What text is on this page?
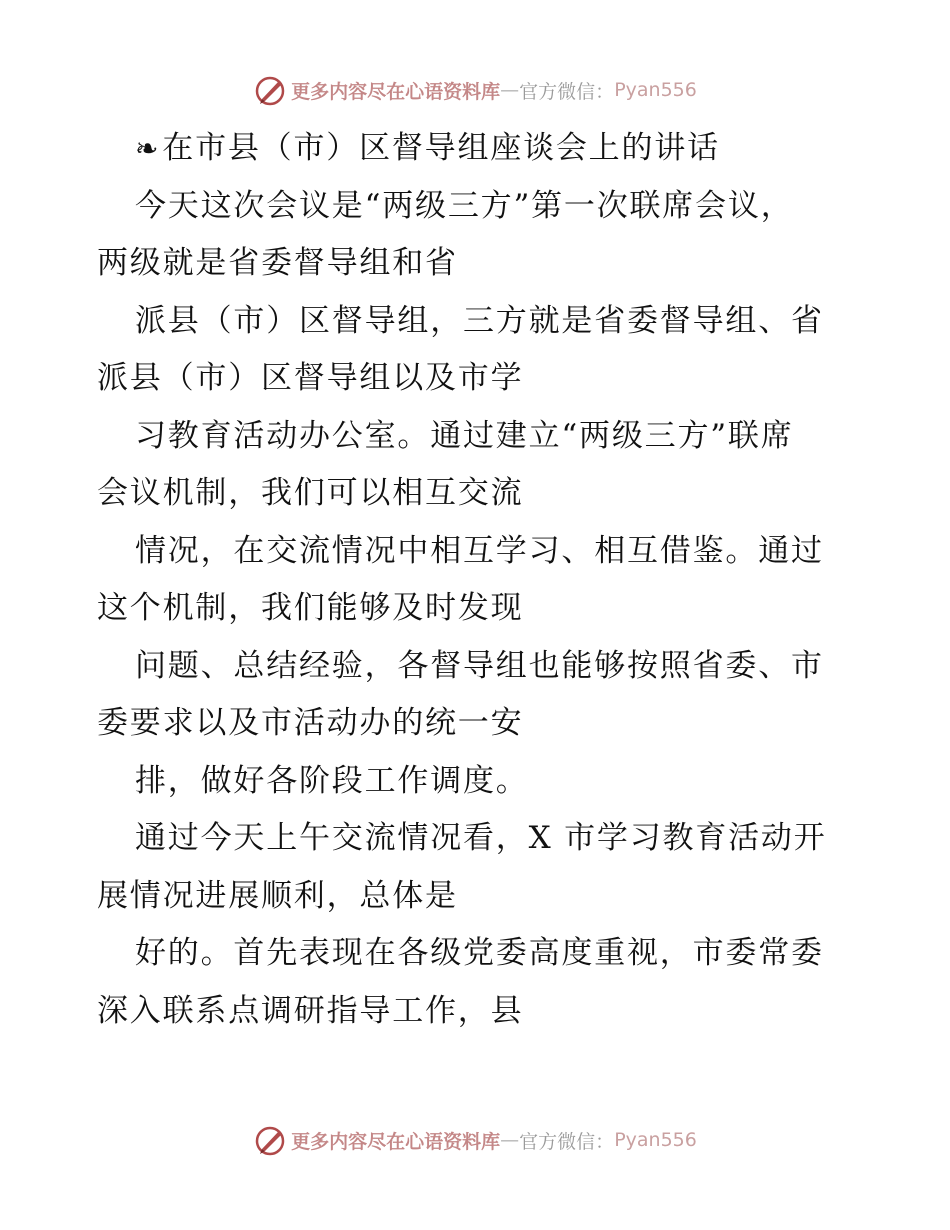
更多内容尽在心语资料库 — 官方微信： Pyan556
❧在市县（市）区督导组座谈会上的讲话
今天这次会议是“两级三方”第一次联席会议，
两级就是省委督导组和省
派县（市）区督导组，三方就是省委督导组、省
派县（市）区督导组以及市学
习教育活动办公室。通过建立“两级三方”联席
会议机制，我们可以相互交流
情况，在交流情况中相互学习、相互借鉴。通过
这个机制，我们能够及时发现
问题、总结经验，各督导组也能够按照省委、市
委要求以及市活动办的统一安
排，做好各阶段工作调度。
通过今天上午交流情况看，X 市学习教育活动开
展情况进展顺利，总体是
好的。首先表现在各级党委高度重视，市委常委
深入联系点调研指导工作，县
更多内容尽在心语资料库 — 官方微信： Pyan556
